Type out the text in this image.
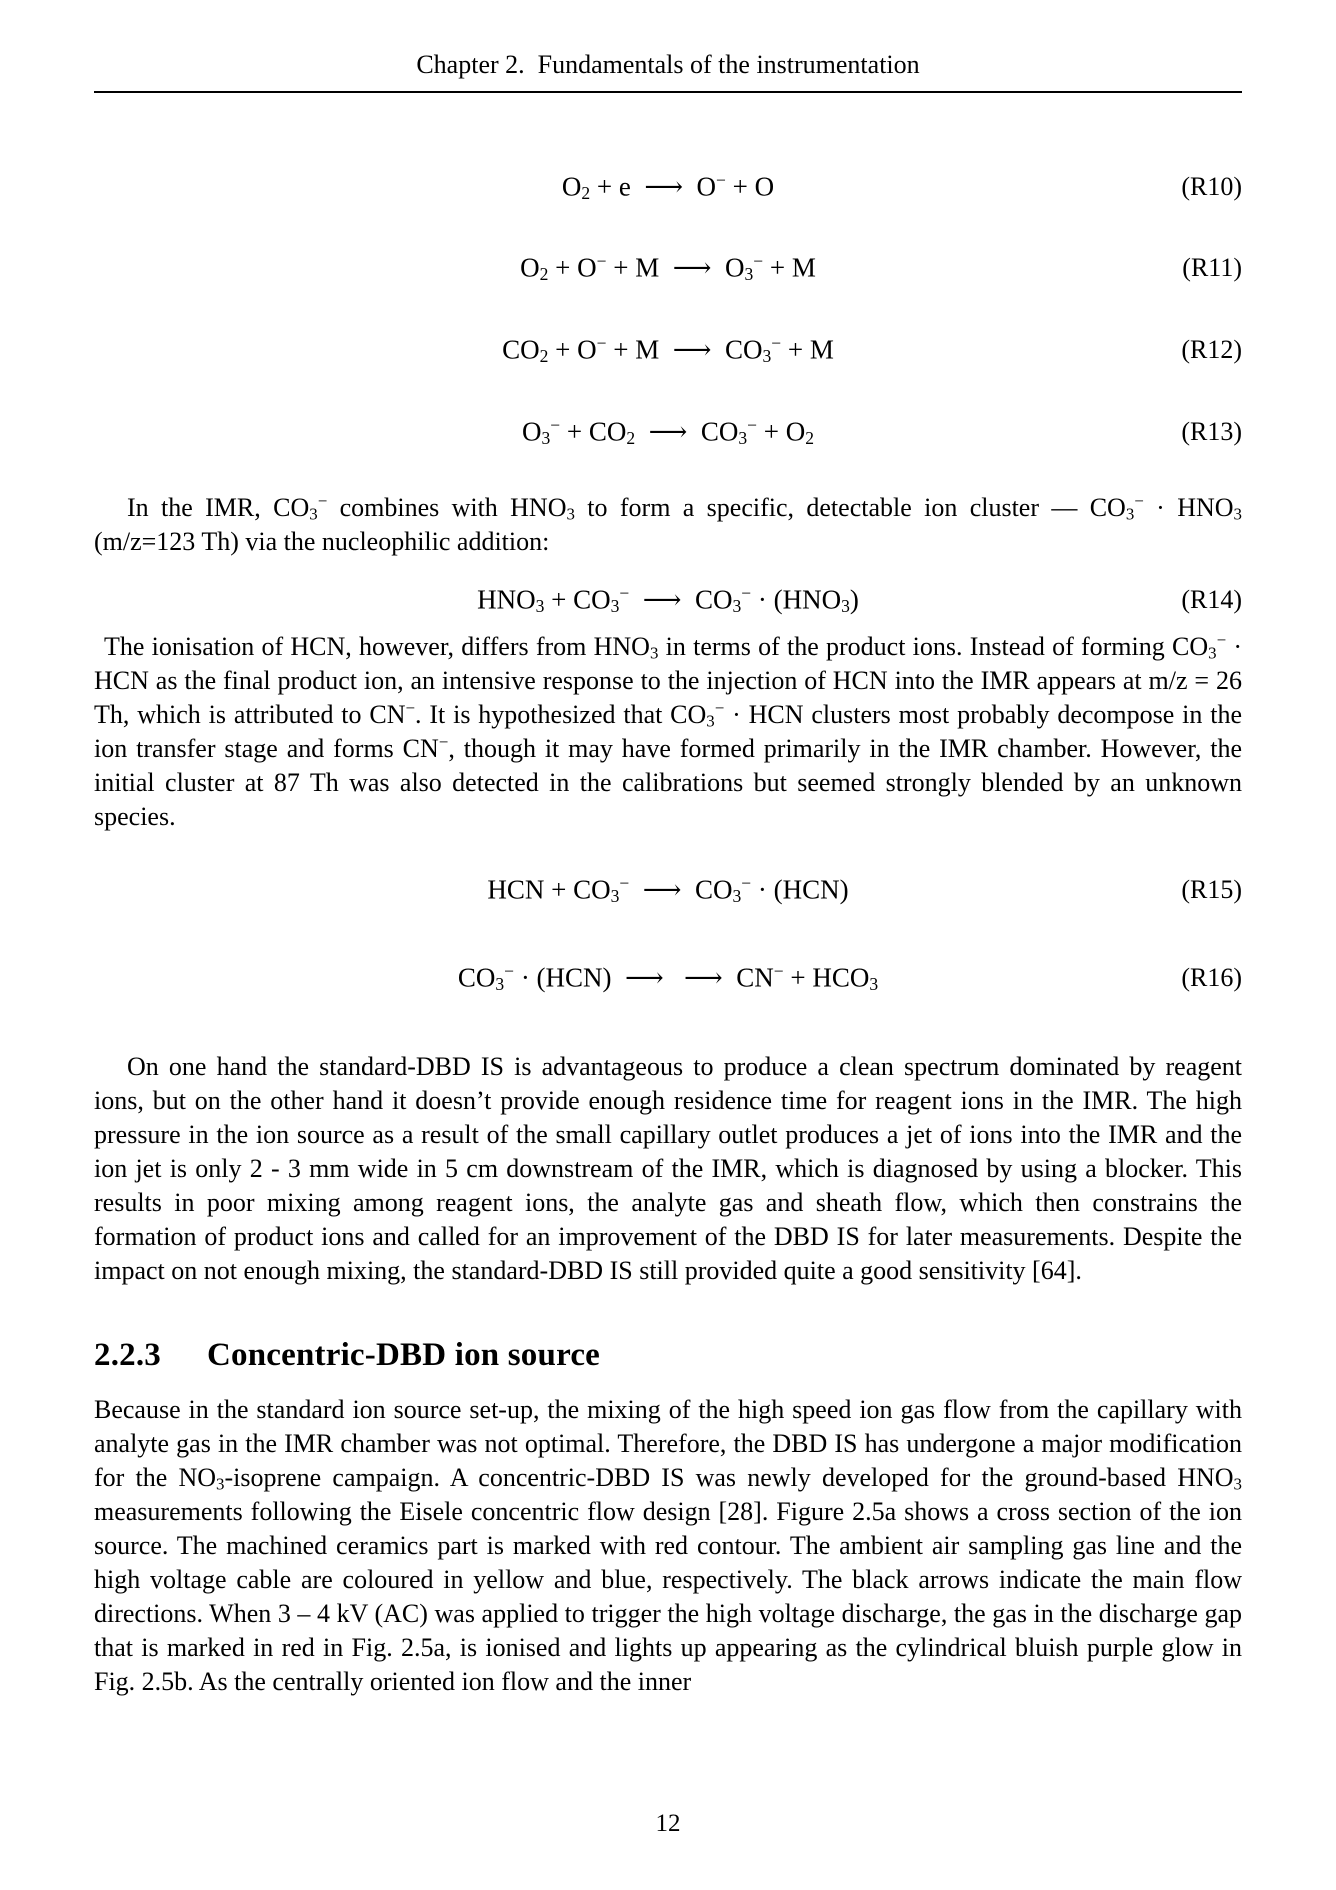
Chapter 2.  Fundamentals of the instrumentation
$O_2 + e$  ⟶  O− + O	(R10)
$O_2 + O^- + M$  ⟶  $O_3^- + M$	(R11)
$CO_2 + O^- + M$  ⟶  $CO_3^- + M$	(R12)
$O_3^- + CO_2$  ⟶  $CO_3^- + O_2$	(R13)
In the IMR, $CO_3^-$ combines with $HNO_3$ to form a specific, detectable ion cluster — $CO_3^- \cdot HNO_3$ (m/z=123 Th) via the nucleophilic addition:
$HNO_3 + CO_3^-$  ⟶  $CO_3^- \cdot (HNO_3)$	(R14)
The ionisation of HCN, however, differs from $HNO_3$ in terms of the product ions. Instead of forming $CO_3^-$ · HCN as the final product ion, an intensive response to the injection of HCN into the IMR appears at m/z = 26 Th, which is attributed to CN−. It is hypothesized that $CO_3^-$ · HCN clusters most probably decompose in the ion transfer stage and forms CN−, though it may have formed primarily in the IMR chamber. However, the initial cluster at 87 Th was also detected in the calibrations but seemed strongly blended by an unknown species.
HCN + $CO_3^-$  ⟶  $CO_3^- \cdot (HCN)$	(R15)
$CO_3^- \cdot (HCN)$  ⟶   ⟶  $CN^- + HCO_3$	(R16)
On one hand the standard-DBD IS is advantageous to produce a clean spectrum dominated by reagent ions, but on the other hand it doesn’t provide enough residence time for reagent ions in the IMR. The high pressure in the ion source as a result of the small capillary outlet produces a jet of ions into the IMR and the ion jet is only 2 - 3 mm wide in 5 cm downstream of the IMR, which is diagnosed by using a blocker. This results in poor mixing among reagent ions, the analyte gas and sheath flow, which then constrains the formation of product ions and called for an improvement of the DBD IS for later measurements. Despite the impact on not enough mixing, the standard-DBD IS still provided quite a good sensitivity [64].
2.2.3 Concentric-DBD ion source
Because in the standard ion source set-up, the mixing of the high speed ion gas flow from the capillary with analyte gas in the IMR chamber was not optimal. Therefore, the DBD IS has undergone a major modification for the $NO_3$-isoprene campaign. A concentric-DBD IS was newly developed for the ground-based $HNO_3$ measurements following the Eisele concentric flow design [28]. Figure 2.5a shows a cross section of the ion source. The machined ceramics part is marked with red contour. The ambient air sampling gas line and the high voltage cable are coloured in yellow and blue, respectively. The black arrows indicate the main flow directions. When 3 – 4 kV (AC) was applied to trigger the high voltage discharge, the gas in the discharge gap that is marked in red in Fig. 2.5a, is ionised and lights up appearing as the cylindrical bluish purple glow in Fig. 2.5b. As the centrally oriented ion flow and the inner
12
